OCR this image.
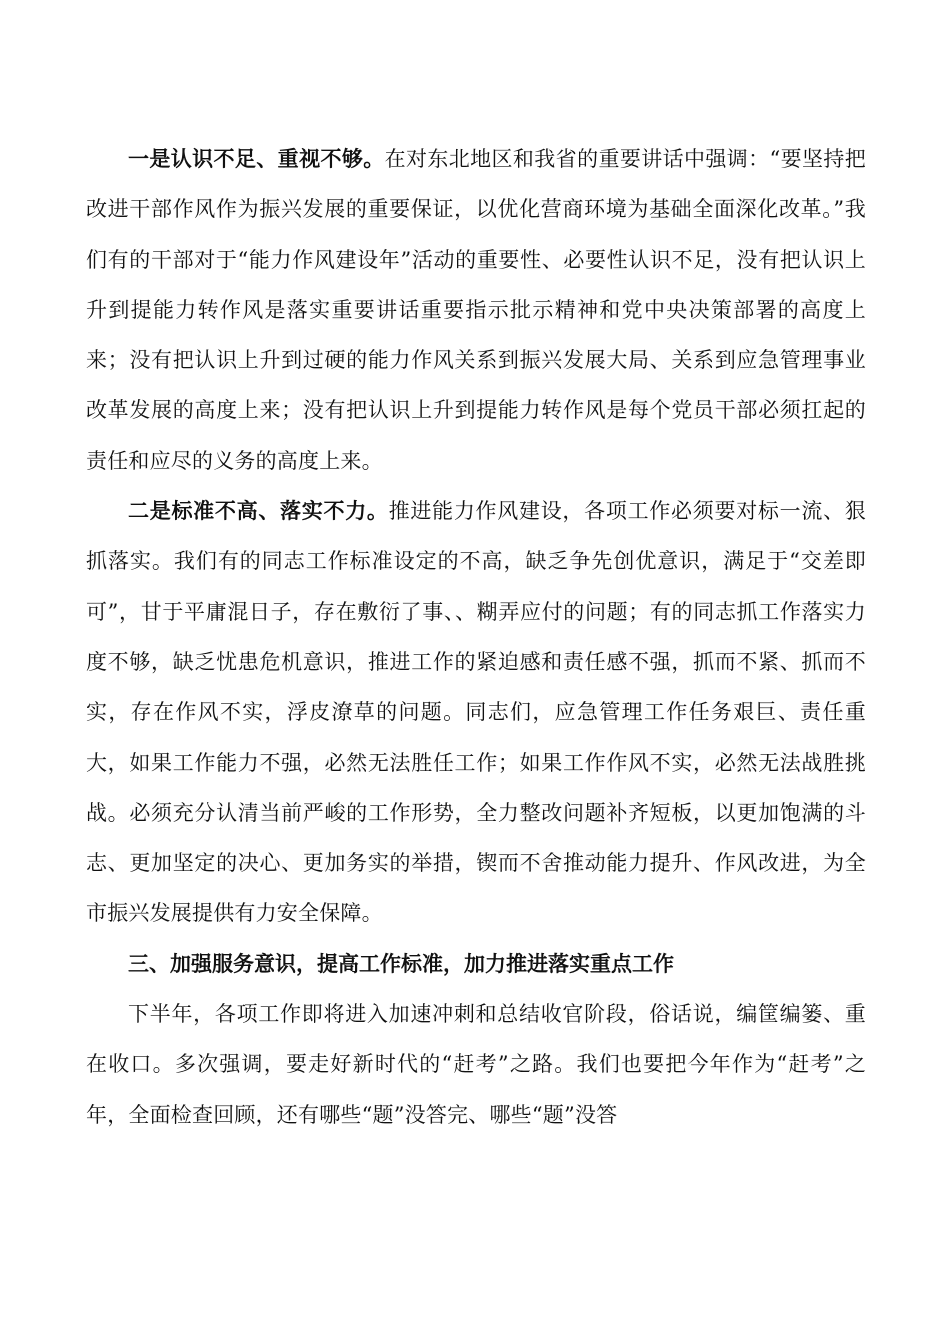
一是认识不足、重视不够。在对东北地区和我省的重要讲话中强调：“要坚持把改进干部作风作为振兴发展的重要保证，以优化营商环境为基础全面深化改革。”我们有的干部对于“能力作风建设年”活动的重要性、必要性认识不足，没有把认识上升到提能力转作风是落实重要讲话重要指示批示精神和党中央决策部署的高度上来；没有把认识上升到过硬的能力作风关系到振兴发展大局、关系到应急管理事业改革发展的高度上来；没有把认识上升到提能力转作风是每个党员干部必须扛起的责任和应尽的义务的高度上来。

二是标准不高、落实不力。推进能力作风建设，各项工作必须要对标一流、狠抓落实。我们有的同志工作标准设定的不高，缺乏争先创优意识，满足于“交差即可”，甘于平庸混日子，存在敷衍了事、、糊弄应付的问题；有的同志抓工作落实力度不够，缺乏忧患危机意识，推进工作的紧迫感和责任感不强，抓而不紧、抓而不实，存在作风不实，浮皮潦草的问题。同志们，应急管理工作任务艰巨、责任重大，如果工作能力不强，必然无法胜任工作；如果工作作风不实，必然无法战胜挑战。必须充分认清当前严峻的工作形势，全力整改问题补齐短板，以更加饱满的斗志、更加坚定的决心、更加务实的举措，锲而不舍推动能力提升、作风改进，为全市振兴发展提供有力安全保障。

三、加强服务意识，提高工作标准，加力推进落实重点工作

下半年，各项工作即将进入加速冲刺和总结收官阶段，俗话说，编筐编篓、重在收口。多次强调，要走好新时代的“赶考”之路。我们也要把今年作为“赶考”之年，全面检查回顾，还有哪些“题”没答完、哪些“题”没答
